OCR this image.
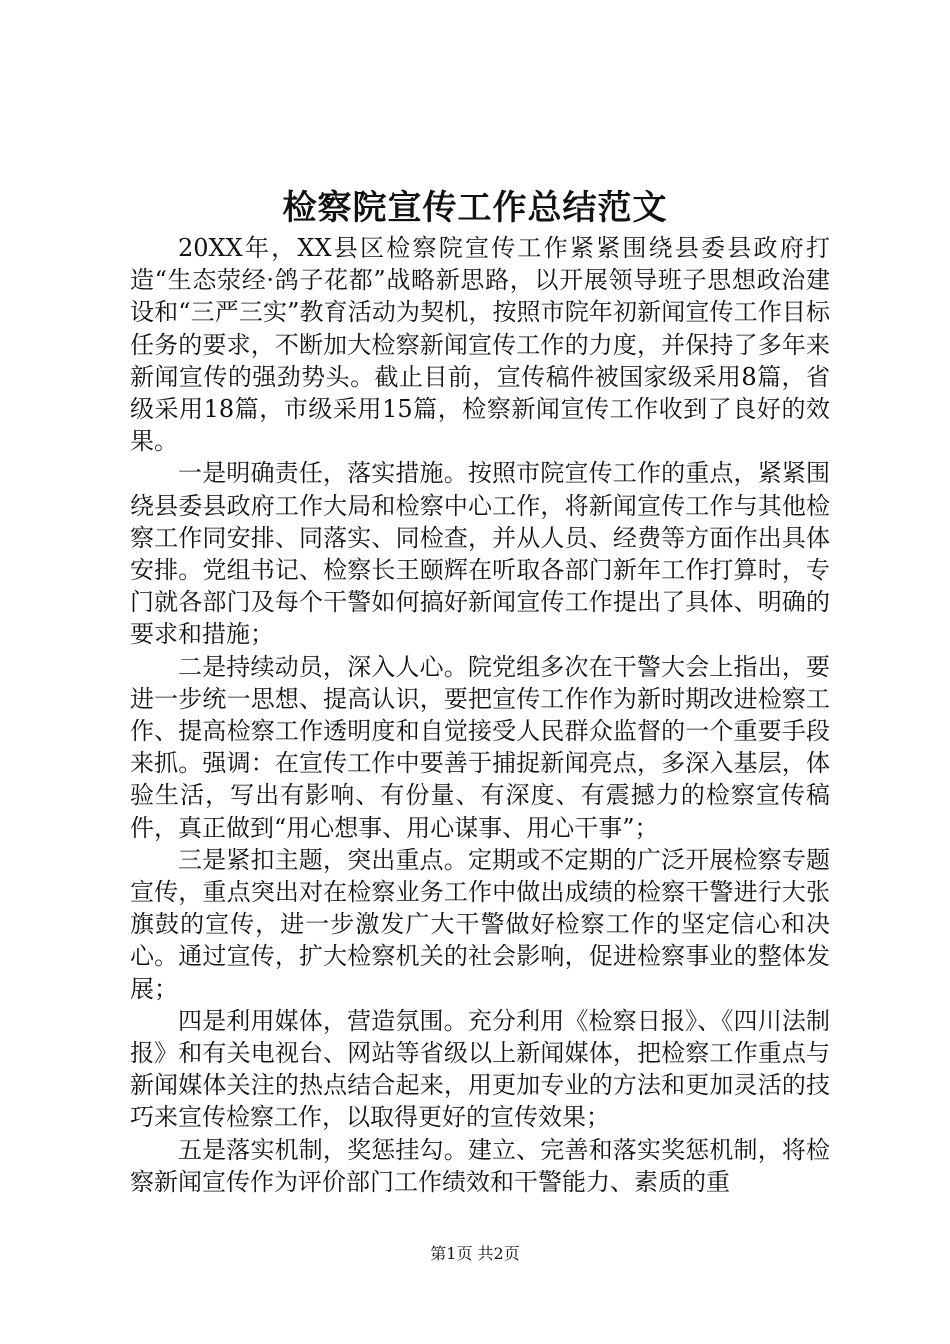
检察院宣传工作总结范文

20XX年，XX县区检察院宣传工作紧紧围绕县委县政府打造“生态荥经·鸽子花都”战略新思路，以开展领导班子思想政治建设和“三严三实”教育活动为契机，按照市院年初新闻宣传工作目标任务的要求，不断加大检察新闻宣传工作的力度，并保持了多年来新闻宣传的强劲势头。截止目前，宣传稿件被国家级采用8篇，省级采用18篇，市级采用15篇，检察新闻宣传工作收到了良好的效果。

一是明确责任，落实措施。按照市院宣传工作的重点，紧紧围绕县委县政府工作大局和检察中心工作，将新闻宣传工作与其他检察工作同安排、同落实、同检查，并从人员、经费等方面作出具体安排。党组书记、检察长王颐辉在听取各部门新年工作打算时，专门就各部门及每个干警如何搞好新闻宣传工作提出了具体、明确的要求和措施；

二是持续动员，深入人心。院党组多次在干警大会上指出，要进一步统一思想、提高认识，要把宣传工作作为新时期改进检察工作、提高检察工作透明度和自觉接受人民群众监督的一个重要手段来抓。强调：在宣传工作中要善于捕捉新闻亮点，多深入基层，体验生活，写出有影响、有份量、有深度、有震撼力的检察宣传稿件，真正做到“用心想事、用心谋事、用心干事”；

三是紧扣主题，突出重点。定期或不定期的广泛开展检察专题宣传，重点突出对在检察业务工作中做出成绩的检察干警进行大张旗鼓的宣传，进一步激发广大干警做好检察工作的坚定信心和决心。通过宣传，扩大检察机关的社会影响，促进检察事业的整体发展；

四是利用媒体，营造氛围。充分利用《检察日报》、《四川法制报》和有关电视台、网站等省级以上新闻媒体，把检察工作重点与新闻媒体关注的热点结合起来，用更加专业的方法和更加灵活的技巧来宣传检察工作，以取得更好的宣传效果；

五是落实机制，奖惩挂勾。建立、完善和落实奖惩机制，将检察新闻宣传作为评价部门工作绩效和干警能力、素质的重

第1页 共2页
